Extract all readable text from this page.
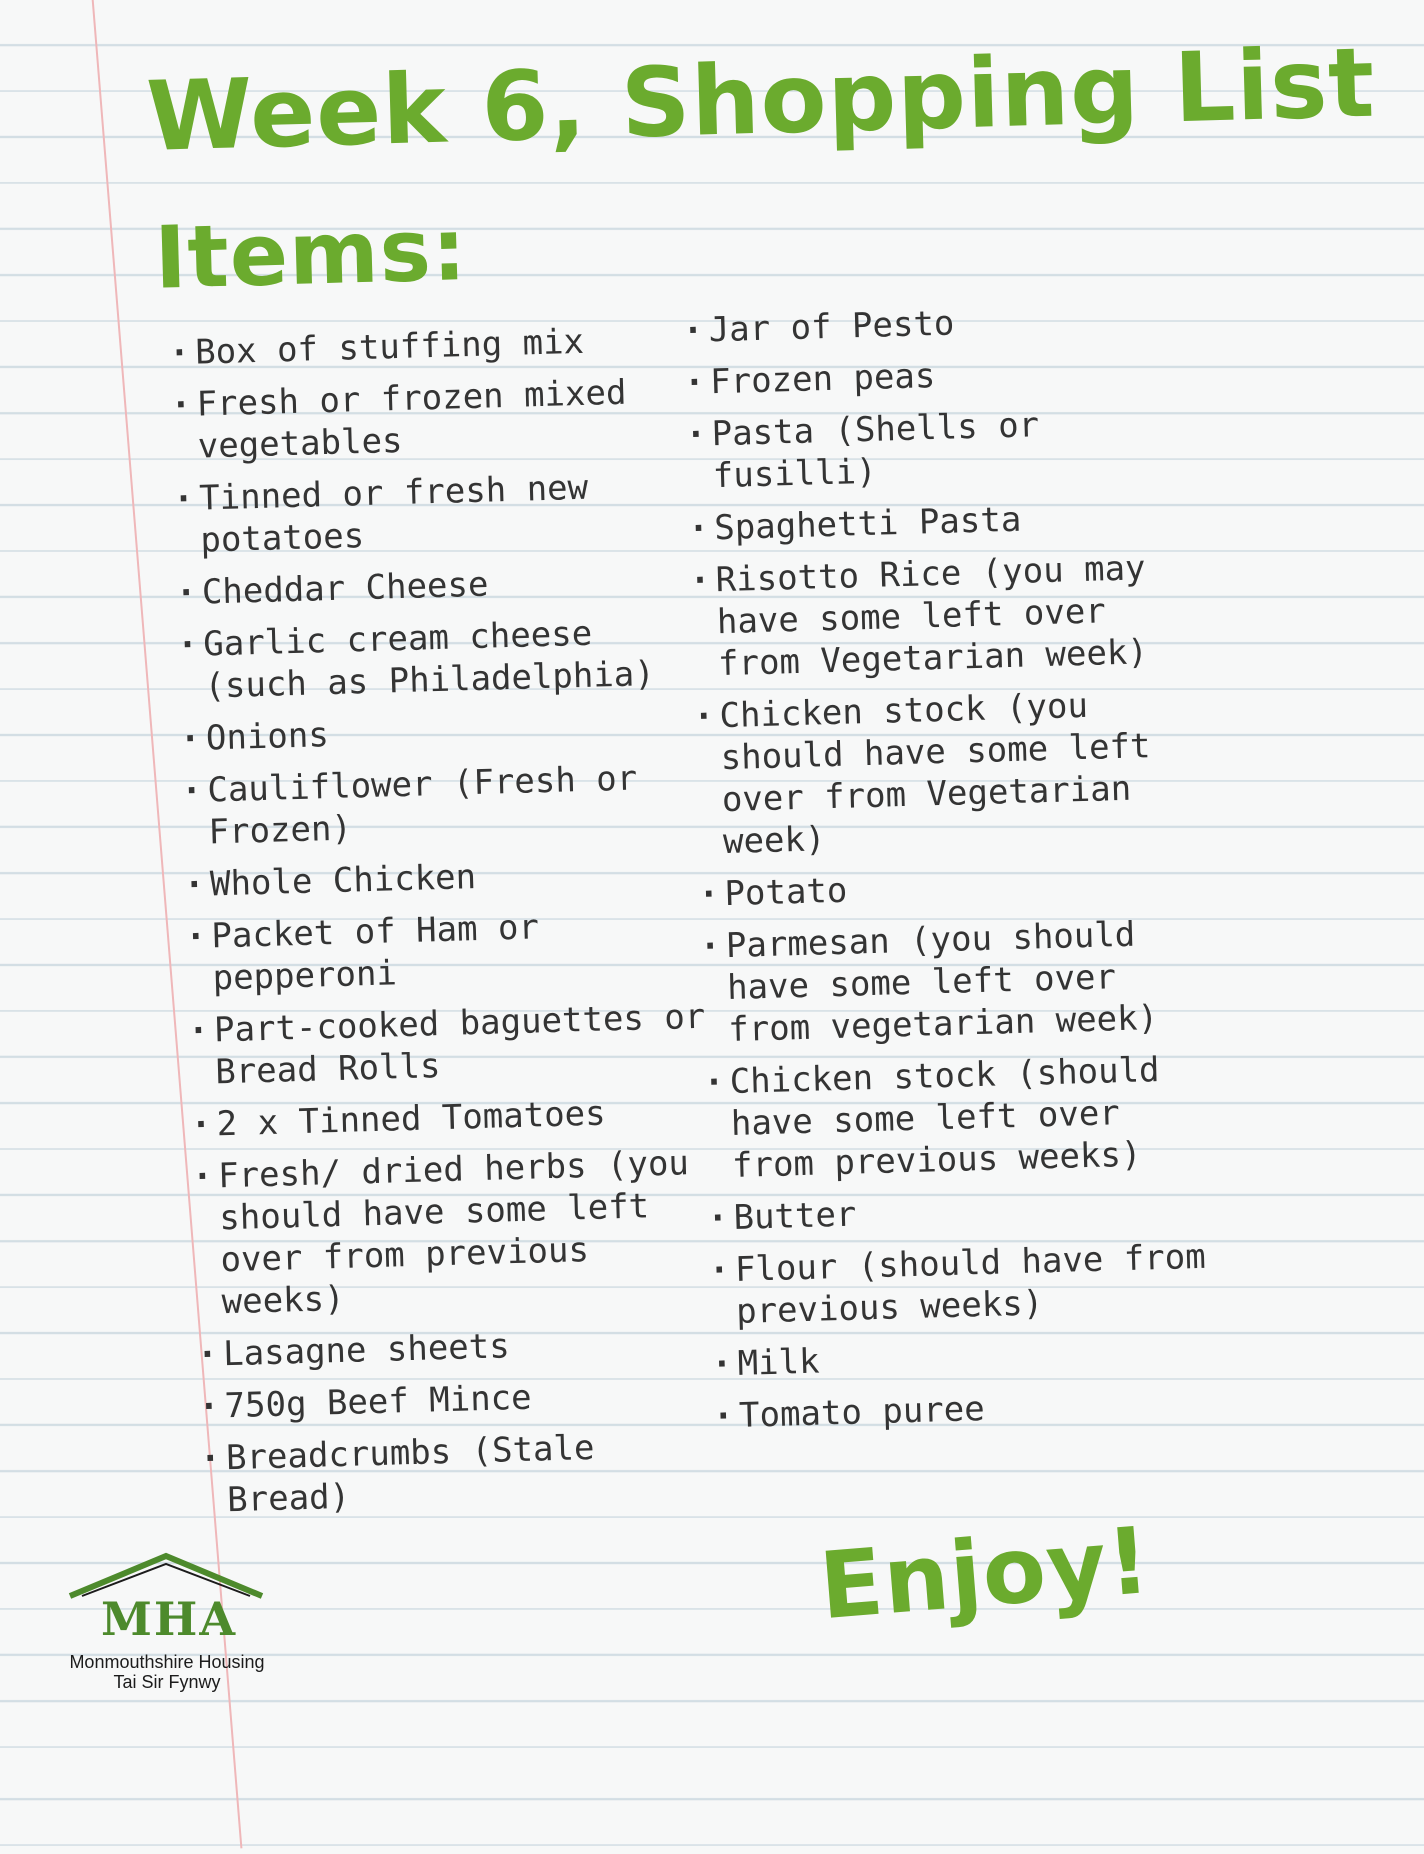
Week 6, Shopping List
Items:
· Box of stuffing mix
· Fresh or frozen mixed vegetables
· Tinned or fresh new potatoes
· Cheddar Cheese
· Garlic cream cheese (such as Philadelphia)
· Onions
· Cauliflower (Fresh or Frozen)
· Whole Chicken
· Packet of Ham or pepperoni
· Part-cooked baguettes or Bread Rolls
· 2 x Tinned Tomatoes
· Fresh/ dried herbs (you should have some left over from previous weeks)
· Lasagne sheets
· 750g Beef Mince
· Breadcrumbs (Stale Bread)
· Jar of Pesto
· Frozen peas
· Pasta (Shells or fusilli)
· Spaghetti Pasta
· Risotto Rice (you may have some left over from Vegetarian week)
· Chicken stock (you should have some left over from Vegetarian week)
· Potato
· Parmesan (you should have some left over from vegetarian week)
· Chicken stock (should have some left over from previous weeks)
· Butter
· Flour (should have from previous weeks)
· Milk
· Tomato puree
Enjoy!
MHA
Monmouthshire Housing
Tai Sir Fynwy
